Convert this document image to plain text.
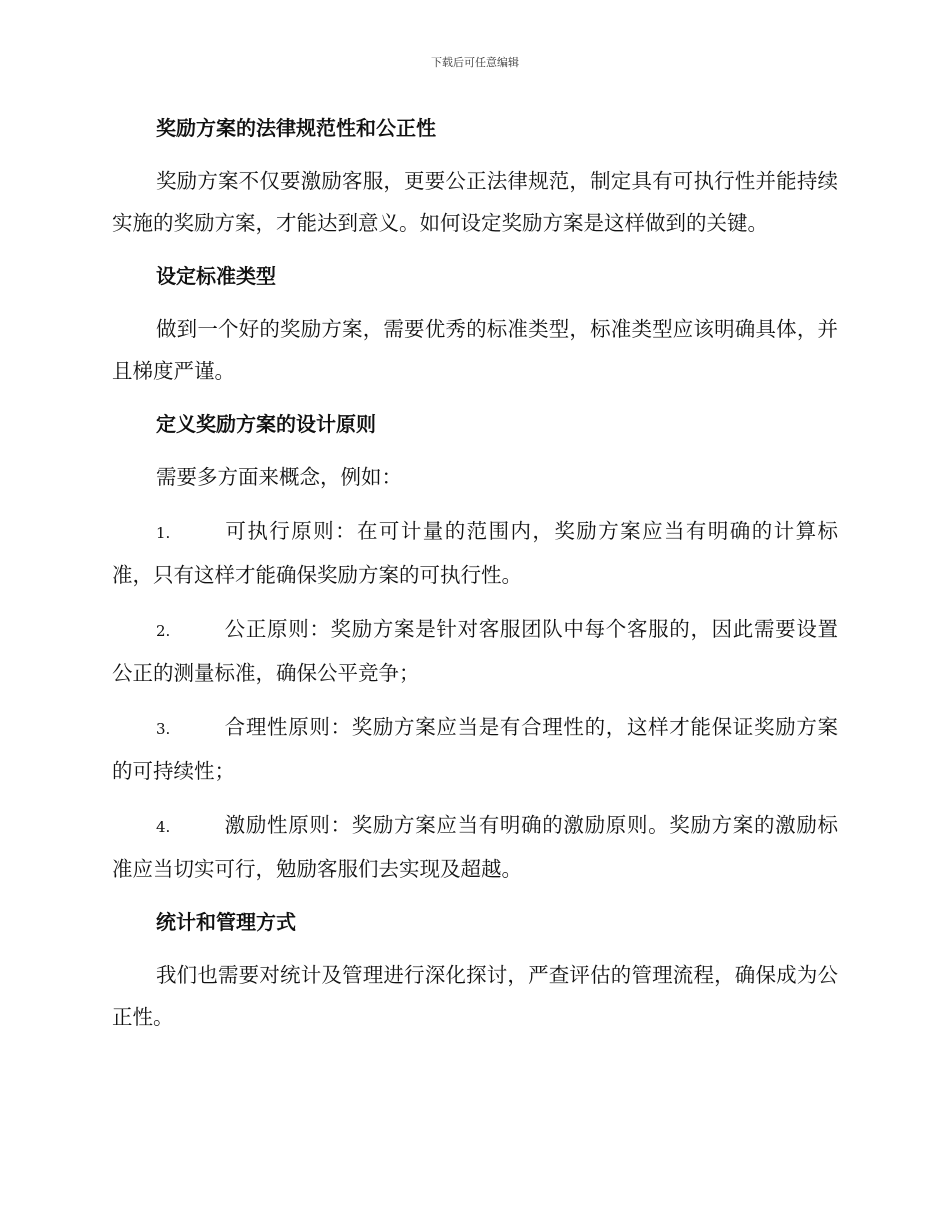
下载后可任意编辑
奖励方案的法律规范性和公正性
奖励方案不仅要激励客服，更要公正法律规范，制定具有可执行性并能持续实施的奖励方案，才能达到意义。如何设定奖励方案是这样做到的关键。
设定标准类型
做到一个好的奖励方案，需要优秀的标准类型，标准类型应该明确具体，并且梯度严谨。
定义奖励方案的设计原则
需要多方面来概念，例如：
1.	可执行原则：在可计量的范围内，奖励方案应当有明确的计算标准，只有这样才能确保奖励方案的可执行性。
2.	公正原则：奖励方案是针对客服团队中每个客服的，因此需要设置公正的测量标准，确保公平竞争；
3.	合理性原则：奖励方案应当是有合理性的，这样才能保证奖励方案的可持续性；
4.	激励性原则：奖励方案应当有明确的激励原则。奖励方案的激励标准应当切实可行，勉励客服们去实现及超越。
统计和管理方式
我们也需要对统计及管理进行深化探讨，严查评估的管理流程，确保成为公正性。
